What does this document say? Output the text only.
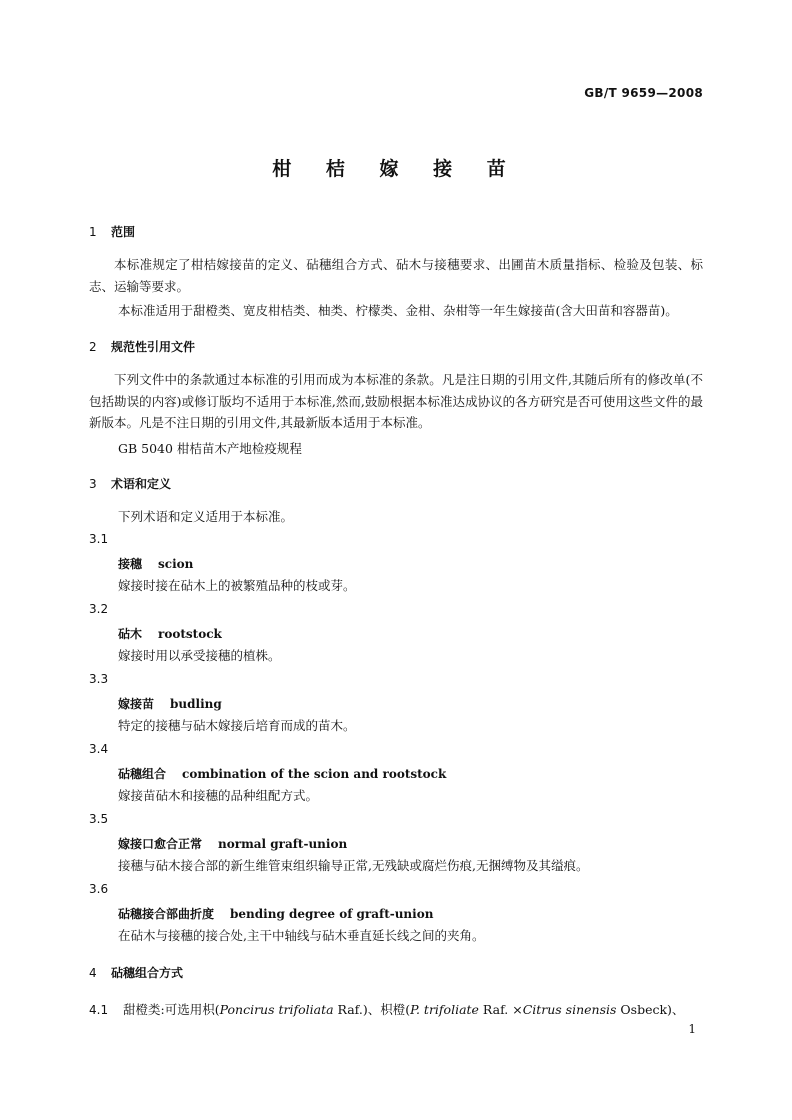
GB/T 9659—2008
柑 桔 嫁 接 苗
1 范围
本标准规定了柑桔嫁接苗的定义、砧穗组合方式、砧木与接穗要求、出圃苗木质量指标、检验及包装、标志、运输等要求。
本标准适用于甜橙类、宽皮柑桔类、柚类、柠檬类、金柑、杂柑等一年生嫁接苗(含大田苗和容器苗)。
2 规范性引用文件
下列文件中的条款通过本标准的引用而成为本标准的条款。凡是注日期的引用文件,其随后所有的修改单(不包括勘误的内容)或修订版均不适用于本标准,然而,鼓励根据本标准达成协议的各方研究是否可使用这些文件的最新版本。凡是不注日期的引用文件,其最新版本适用于本标准。
GB 5040 柑桔苗木产地检疫规程
3 术语和定义
下列术语和定义适用于本标准。
3.1
接穗 scion
嫁接时接在砧木上的被繁殖品种的枝或芽。
3.2
砧木 rootstock
嫁接时用以承受接穗的植株。
3.3
嫁接苗 budling
特定的接穗与砧木嫁接后培育而成的苗木。
3.4
砧穗组合 combination of the scion and rootstock
嫁接苗砧木和接穗的品种组配方式。
3.5
嫁接口愈合正常 normal graft-union
接穗与砧木接合部的新生维管束组织输导正常,无残缺或腐烂伤痕,无捆缚物及其缢痕。
3.6
砧穗接合部曲折度 bending degree of graft-union
在砧木与接穗的接合处,主干中轴线与砧木垂直延长线之间的夹角。
4 砧穗组合方式
4.1 甜橙类:可选用枳(Poncirus trifoliata Raf.)、枳橙(P. trifoliate Raf. ×Citrus sinensis Osbeck)、
1
